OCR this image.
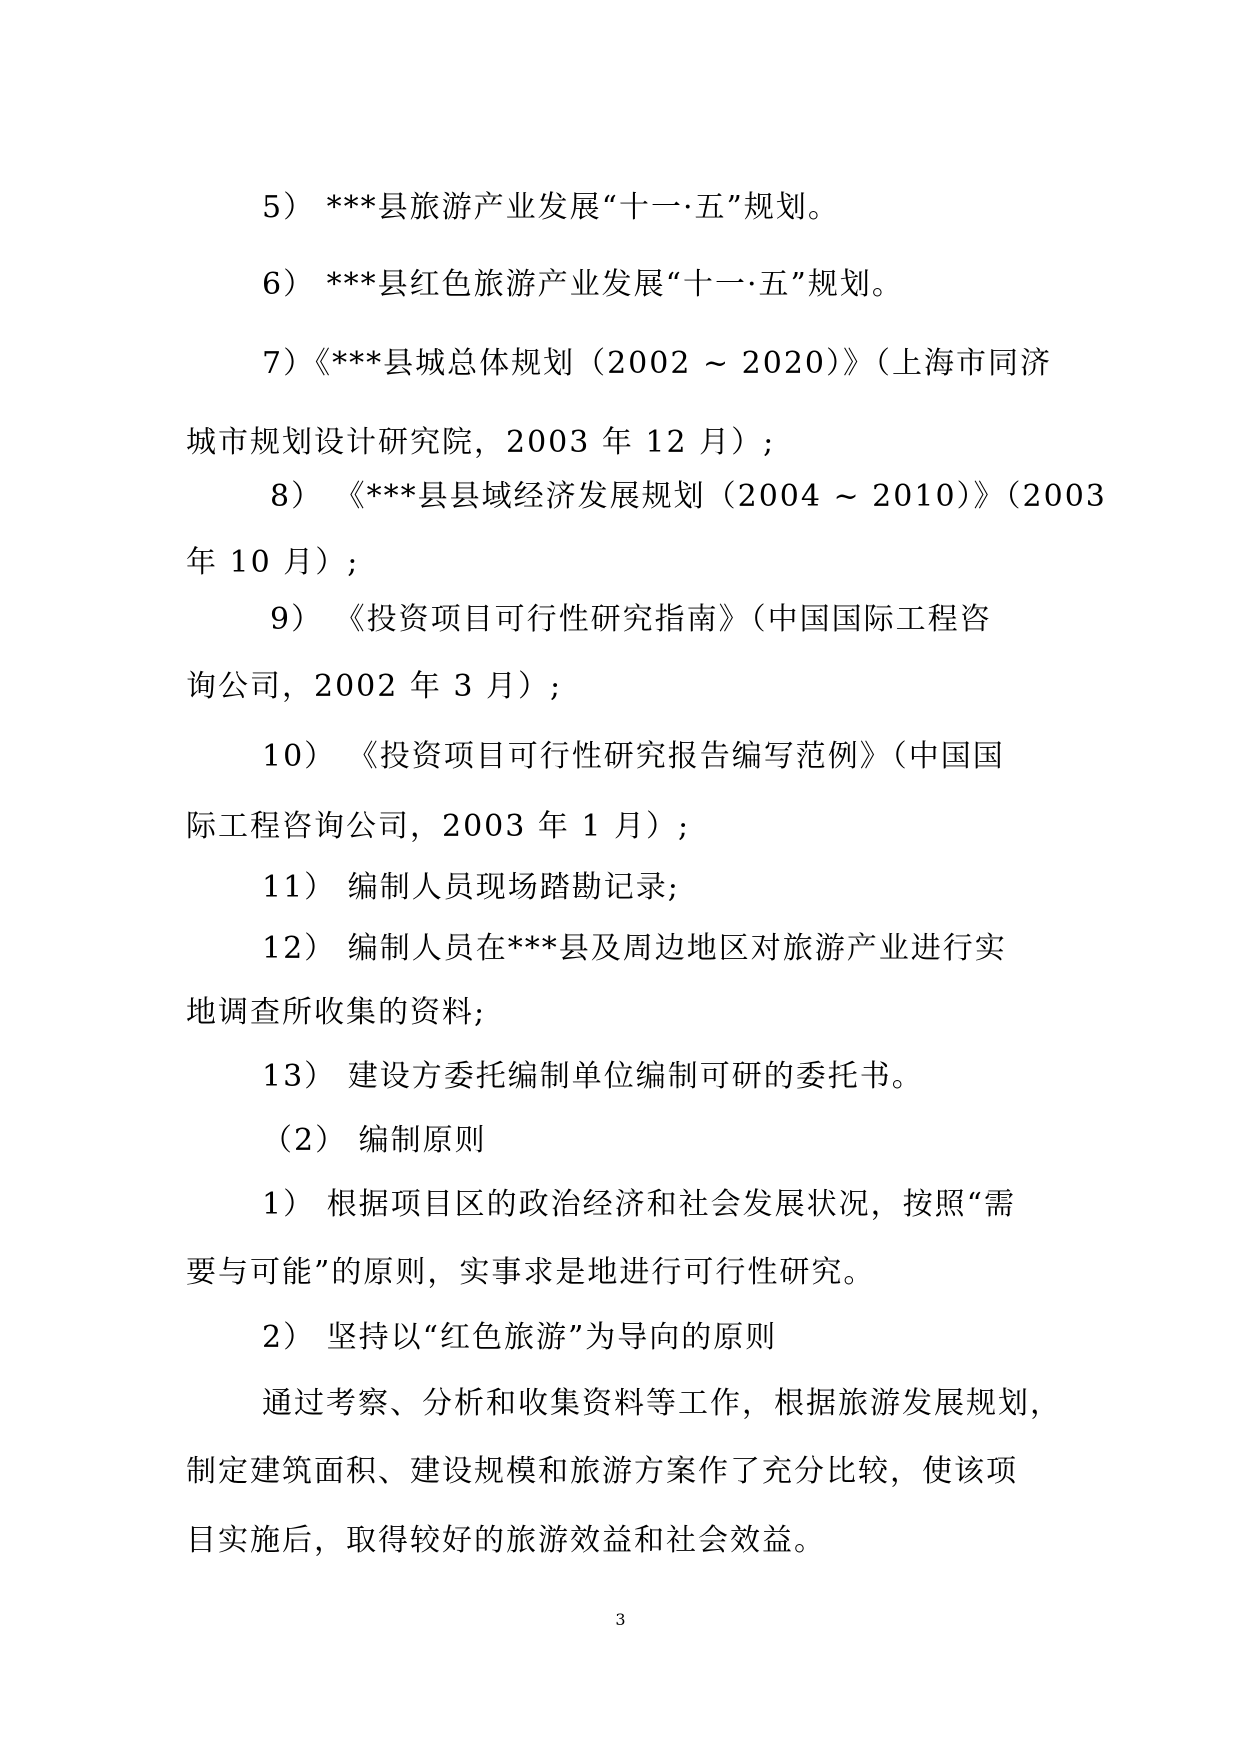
5） ***县旅游产业发展“十一·五”规划。
6） ***县红色旅游产业发展“十一·五”规划。
7）《***县城总体规划（2002 ~ 2020）》（上海市同济
城市规划设计研究院，2003 年 12 月）;
8） 《***县县域经济发展规划（2004 ~ 2010）》（2003
年 10 月）;
9） 《投资项目可行性研究指南》（中国国际工程咨
询公司，2002 年 3 月）;
10） 《投资项目可行性研究报告编写范例》（中国国
际工程咨询公司，2003 年 1 月）;
11） 编制人员现场踏勘记录;
12） 编制人员在***县及周边地区对旅游产业进行实
地调查所收集的资料;
13） 建设方委托编制单位编制可研的委托书。
（2） 编制原则
1） 根据项目区的政治经济和社会发展状况，按照“需
要与可能”的原则，实事求是地进行可行性研究。
2） 坚持以“红色旅游”为导向的原则
通过考察、分析和收集资料等工作，根据旅游发展规划，
制定建筑面积、建设规模和旅游方案作了充分比较，使该项
目实施后，取得较好的旅游效益和社会效益。
3
